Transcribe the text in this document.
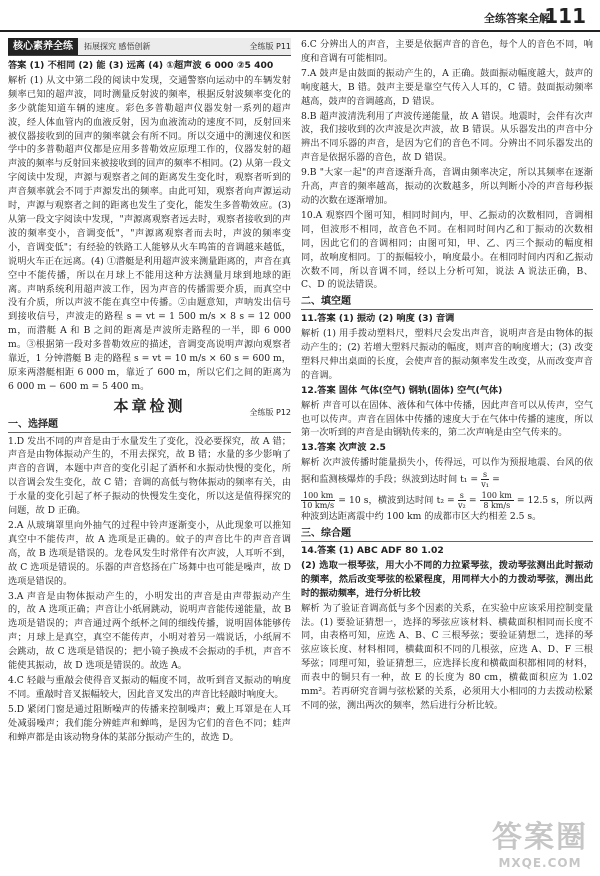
全练答案全解
111
核心素养全练	拓展探究 感悟创新	全练版 P11

答案 (1) 不相同 (2) 能 (3) 远离 (4) ①超声波 6 000 ②5 400

解析 (1) 从文中第二段的阅读中发现，交通警察向运动中的车辆发射频率已知的超声波，同时测量反射波的频率，根据反射波频率变化的多少就能知道车辆的速度。彩色多普勒超声仪器发射一系列的超声波，经人体血管内的血液反射，因为血液流动的速度不同，反射回来被仪器接收到的回声的频率就会有所不同。所以交通中的测速仪和医学中的多普勒超声仪都是应用多普勒效应原理工作的，仪器发射的超声波的频率与反射回来被接收到的回声的频率不相同。(2) 从第一段文字阅读中发现，声源与观察者之间的距离发生变化时，观察者听到的声音频率就会不同于声源发出的频率。由此可知，观察者向声源运动时，声源与观察者之间的距离也发生了变化，能发生多普勒效应。(3) 从第一段文字阅读中发现，"声源离观察者远去时，观察者接收到的声波的频率变小，音调变低"，"声源离观察者而去时，声波的频率变小，音调变低"；有经验的铁路工人能够从火车鸣笛的音调越来越低，说明火车正在远离。(4) ①潜艇是利用超声波来测量距离的，声音在真空中不能传播，所以在月球上不能用这种方法测量月球到地球的距离。声呐系统利用超声波工作，因为声音的传播需要介质，而真空中没有介质，所以声波不能在真空中传播。②由题意知，声呐发出信号到接收信号，声波走的路程 s = vt = 1 500 m/s × 8 s = 12 000 m，而潜艇 A 和 B 之间的距离是声波所走路程的一半，即 6 000 m。③根据第一段对多普勒效应的描述，音调变高说明声源向观察者靠近，1 分钟潜艇 B 走的路程 s = vt = 10 m/s × 60 s = 600 m，原来两潜艇相距 6 000 m，靠近了 600 m，所以它们之间的距离为 6 000 m − 600 m = 5 400 m。

本章检测	全练版 P12
一、选择题

1.D 发出不同的声音是由于水量发生了变化，没必要探究，故 A 错；声音是由物体振动产生的，不用去探究，故 B 错；水量的多少影响了声音的音调，本题中声音的变化引起了酒杯和水振动快慢的变化，所以音调会发生变化，故 C 错；音调的高低与物体振动的频率有关，由于水量的变化引起了杯子振动的快慢发生变化，所以这是值得探究的问题，故 D 正确。

2.A 从玻璃罩里向外抽气的过程中铃声逐渐变小，从此现象可以推知真空中不能传声，故 A 选项是正确的。蚊子的声音比牛的声音音调高，故 B 选项是错误的。龙卷风发生时常伴有次声波，人耳听不到，故 C 选项是错误的。乐器的声音悠扬在广场舞中也可能是噪声，故 D 选项是错误的。

3.A 声音是由物体振动产生的，小明发出的声音是由声带振动产生的，故 A 选项正确；声音让小纸屑跳动，说明声音能传递能量，故 B 选项是错误的；声音通过两个纸杯之间的细线传播，说明固体能够传声；月球上是真空，真空不能传声，小明对着另一端说话，小纸屑不会跳动，故 C 选项是错误的；把小镜子换成不会振动的手机，声音不能使其振动，故 D 选项是错误的。故选 A。

4.C 轻敲与重敲会使得音叉振动的幅度不同，故听到音叉振动的响度不同。重敲时音叉振幅较大，因此音叉发出的声音比轻敲时响度大。

5.D 紧闭门窗是通过阻断噪声的传播来控制噪声；戴上耳罩是在人耳处减弱噪声；我们能分辨蛙声和蝉鸣，是因为它们的音色不同；蛙声和蝉声都是由该动物身体的某部分振动产生的，故选 D。

6.C 分辨出人的声音，主要是依据声音的音色，每个人的音色不同，响度和音调有可能相同。

7.A 鼓声是由鼓面的振动产生的，A 正确。鼓面振动幅度越大，鼓声的响度越大，B 错。鼓声主要是靠空气传入人耳的，C 错。鼓面振动频率越高，鼓声的音调越高，D 错误。

8.B 超声波清洗利用了声波传递能量，故 A 错误。地震时，会伴有次声波，我们接收到的次声波是次声波，故 B 错误。从乐器发出的声音中分辨出不同乐器的声音，是因为它们的音色不同。分辨出不同乐器发出的声音是依据乐器的音色，故 D 错误。

9.B "大家一起"的声音逐渐升高，音调由频率决定，所以其频率在逐渐升高，声音的频率越高，振动的次数越多，所以判断小冷的声音每秒振动的次数在逐渐增加。

10.A 观察四个图可知，相同时间内，甲、乙振动的次数相同，音调相同，但波形不相同，故音色不同。在相同时间内乙和丁振动的次数相同，因此它们的音调相同；由图可知，甲、乙、丙三个振动的幅度相同，故响度相同。丁的振幅较小，响度最小。在相同时间内丙和乙振动次数不同，所以音调不同，经以上分析可知，说法 A 说法正确，B、C、D 的说法错误。

二、填空题

11.答案 (1) 振动 (2) 响度 (3) 音调

解析 (1) 用手拨动塑料尺，塑料尺会发出声音，说明声音是由物体的振动产生的；(2) 若增大塑料尺振动的幅度，则声音的响度增大；(3) 改变塑料尺伸出桌面的长度，会使声音的振动频率发生改变，从而改变声音的音调。

12.答案 固体 气体(空气) 钢轨(固体) 空气(气体)

解析 声音可以在固体、液体和气体中传播，因此声音可以从传声，空气也可以传声。声音在固体中传播的速度大于在气体中传播的速度，所以第一次听到的声音是由钢轨传来的，第二次声响是由空气传来的。

13.答案 次声波 2.5

解析 次声波传播时能量损失小，传得远，可以作为预报地震、台风的依据和监测核爆炸的手段；纵波到达时间 $t_1 = \frac{s}{\text{v₁}}$ =

$\frac{100 km}{10 km/s} = 10$ s，横波到达时间 $t_2 = \frac{s}{\text{v₂}} = \frac{100 km}{8 km/s} = 12.5$ s，所以两种波到达距离震中约 100 km 的成都市区大约相差 2.5 s。

三、综合题

14.答案 (1) ABC ADF 80 1.02

(2) 选取一根琴弦，用大小不同的力拉紧琴弦，拨动琴弦测出此时振动的频率，然后改变琴弦的松紧程度，用同样大小的力拨动琴弦，测出此时的振动频率，进行分析比较

解析 为了验证音调高低与多个因素的关系，在实验中应该采用控制变量法。(1) 要验证猜想一，选择的琴弦应该材料、横截面积相同而长度不同，由表格可知，应选 A、B、C 三根琴弦；要验证猜想二，选择的琴弦应该长度、材料相同，横截面积不同的几根弦，应选 A、D、F 三根琴弦；同理可知，验证猜想三，应选择长度和横截面积都相同的材料，而表中的铜只有一种，故 E 的长度为 80 cm，横截面积应为 1.02 mm²。若再研究音调与弦松紧的关系，必须用大小相同的力去拨动松紧不同的弦，测出两次的频率，然后进行分析比较。

答案圈
MXQE.COM
